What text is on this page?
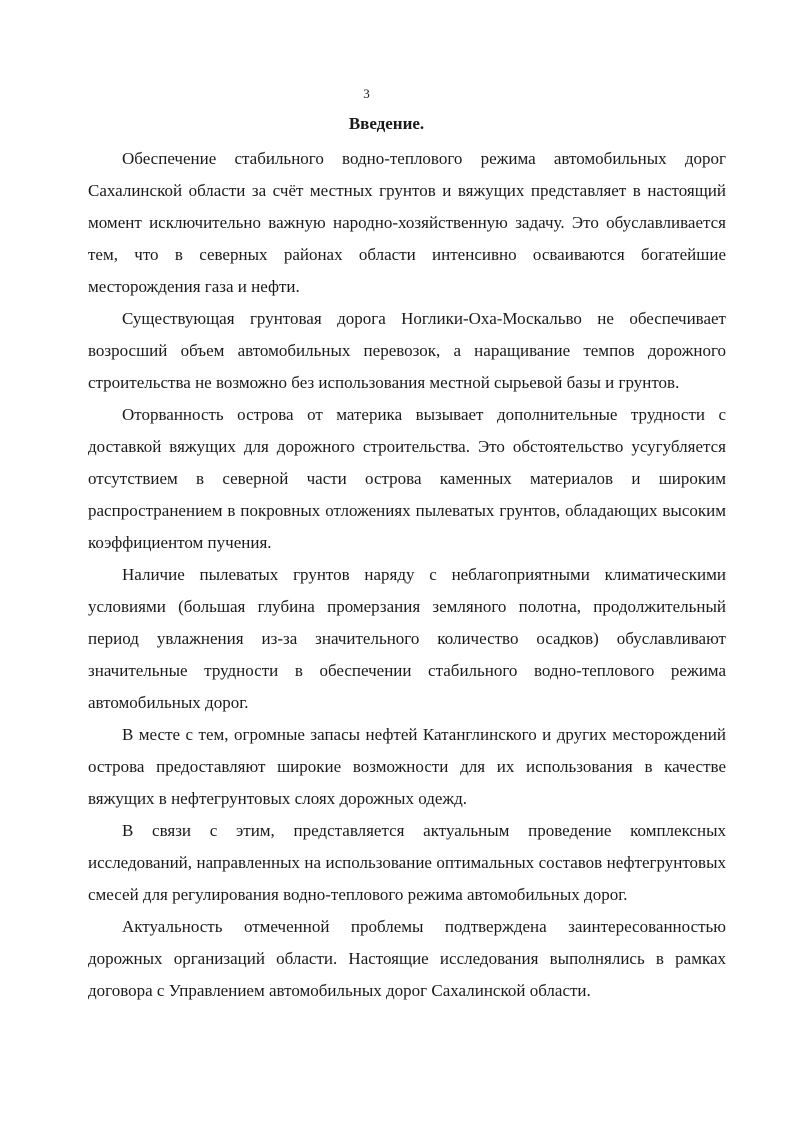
3
Введение.

Обеспечение стабильного водно-теплового режима автомобильных дорог Сахалинской области за счёт местных грунтов и вяжущих представляет в настоящий момент исключительно важную народно-хозяйственную задачу. Это обуславливается тем, что в северных районах области интенсивно осваиваются богатейшие месторождения газа и нефти.

Существующая грунтовая дорога Ноглики-Оха-Москальво не обеспечивает возросший объем автомобильных перевозок, а наращивание темпов дорожного строительства не возможно без использования местной сырьевой базы и грунтов.

Оторванность острова от материка вызывает дополнительные трудности с доставкой вяжущих для дорожного строительства. Это обстоятельство усугубляется отсутствием в северной части острова каменных материалов и широким распространением в покровных отложениях пылеватых грунтов, обладающих высоким коэффициентом пучения.

Наличие пылеватых грунтов наряду с неблагоприятными климатическими условиями (большая глубина промерзания земляного полотна, продолжительный период увлажнения из-за значительного количество осадков) обуславливают значительные трудности в обеспечении стабильного водно-теплового режима автомобильных дорог.

В месте с тем, огромные запасы нефтей Катанглинского и других месторождений острова предоставляют широкие возможности для их использования в качестве вяжущих в нефтегрунтовых слоях дорожных одежд.

В связи с этим, представляется актуальным проведение комплексных исследований, направленных на использование оптимальных составов нефтегрунтовых смесей для регулирования водно-теплового режима автомобильных дорог.

Актуальность отмеченной проблемы подтверждена заинтересованностью дорожных организаций области. Настоящие исследования выполнялись в рамках договора с Управлением автомобильных дорог Сахалинской области.
